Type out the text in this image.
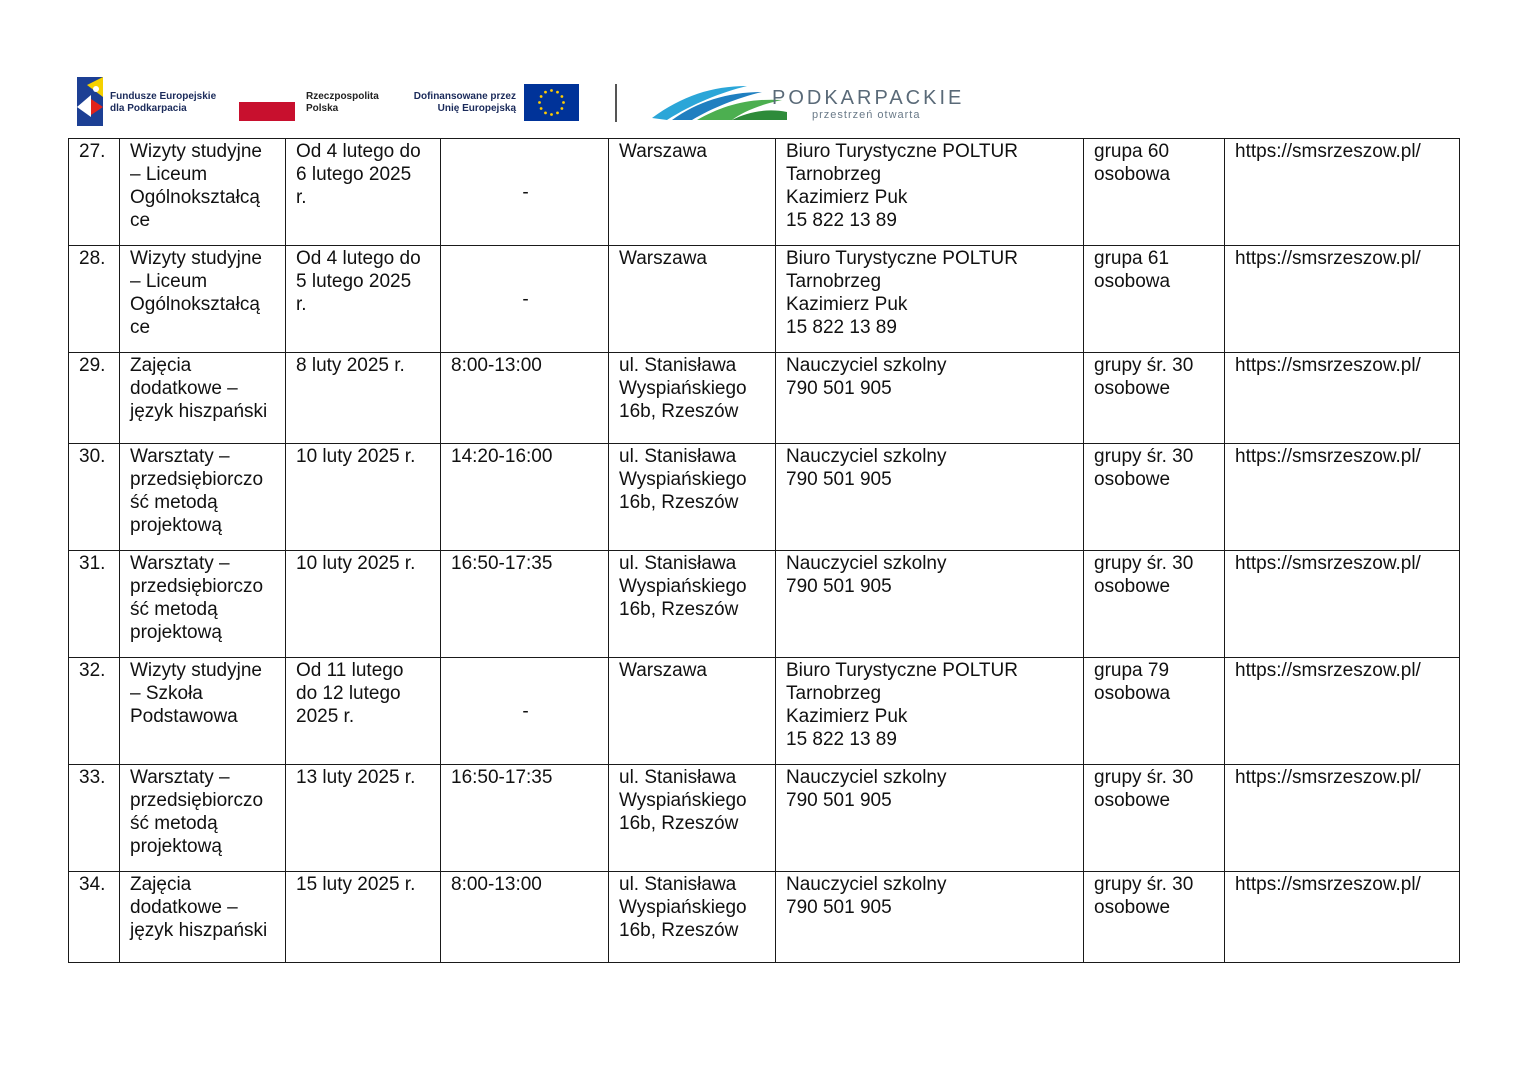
Fundusze Europejskie
dla Podkarpacia
Rzeczpospolita
Polska
Dofinansowane przez
Unię Europejską	PODKARPACKIE
przestrzeń otwarta
27.	Wizyty studyjne
– Liceum
Ogólnokształcą
ce	Od 4 lutego do
6 lutego 2025
r.	-	Warszawa	Biuro Turystyczne POLTUR
Tarnobrzeg
Kazimierz Puk
15 822 13 89	grupa 60
osobowa	https://smsrzeszow.pl/
28.	Wizyty studyjne
– Liceum
Ogólnokształcą
ce	Od 4 lutego do
5 lutego 2025
r.	-	Warszawa	Biuro Turystyczne POLTUR
Tarnobrzeg
Kazimierz Puk
15 822 13 89	grupa 61
osobowa	https://smsrzeszow.pl/
29.	Zajęcia
dodatkowe –
język hiszpański	8 luty 2025 r.	8:00-13:00	ul. Stanisława
Wyspiańskiego
16b, Rzeszów	Nauczyciel szkolny
790 501 905	grupy śr. 30
osobowe	https://smsrzeszow.pl/
30.	Warsztaty –
przedsiębiorczo
ść metodą
projektową	10 luty 2025 r.	14:20-16:00	ul. Stanisława
Wyspiańskiego
16b, Rzeszów	Nauczyciel szkolny
790 501 905	grupy śr. 30
osobowe	https://smsrzeszow.pl/
31.	Warsztaty –
przedsiębiorczo
ść metodą
projektową	10 luty 2025 r.	16:50-17:35	ul. Stanisława
Wyspiańskiego
16b, Rzeszów	Nauczyciel szkolny
790 501 905	grupy śr. 30
osobowe	https://smsrzeszow.pl/
32.	Wizyty studyjne
– Szkoła
Podstawowa	Od 11 lutego
do 12 lutego
2025 r.	-	Warszawa	Biuro Turystyczne POLTUR
Tarnobrzeg
Kazimierz Puk
15 822 13 89	grupa 79
osobowa	https://smsrzeszow.pl/
33.	Warsztaty –
przedsiębiorczo
ść metodą
projektową	13 luty 2025 r.	16:50-17:35	ul. Stanisława
Wyspiańskiego
16b, Rzeszów	Nauczyciel szkolny
790 501 905	grupy śr. 30
osobowe	https://smsrzeszow.pl/
34.	Zajęcia
dodatkowe –
język hiszpański	15 luty 2025 r.	8:00-13:00	ul. Stanisława
Wyspiańskiego
16b, Rzeszów	Nauczyciel szkolny
790 501 905	grupy śr. 30
osobowe	https://smsrzeszow.pl/
